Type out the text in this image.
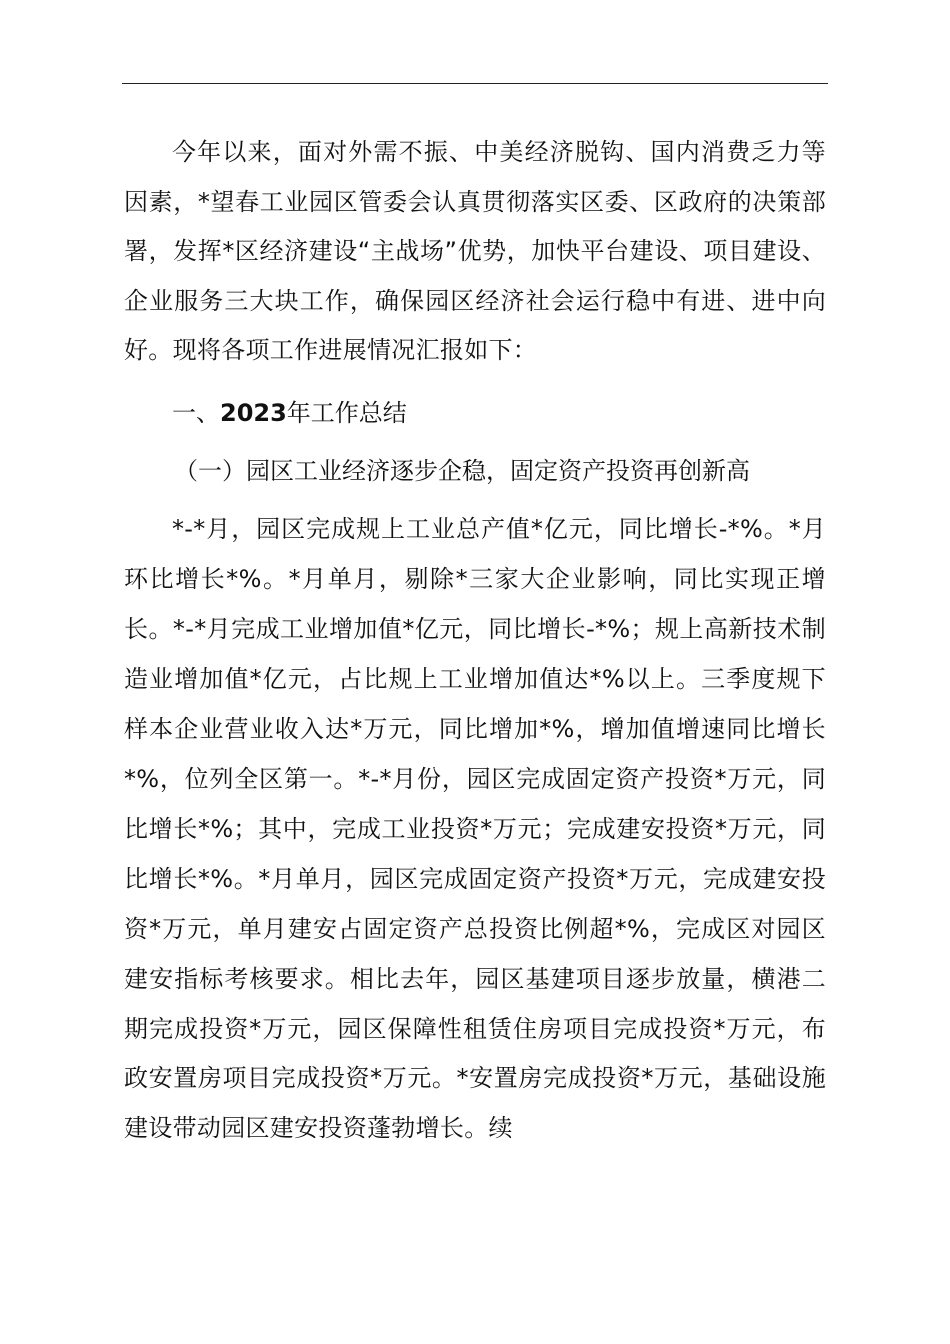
今年以来，面对外需不振、中美经济脱钩、国内消费乏力等因素，*望春工业园区管委会认真贯彻落实区委、区政府的决策部署，发挥*区经济建设“主战场”优势，加快平台建设、项目建设、企业服务三大块工作，确保园区经济社会运行稳中有进、进中向好。现将各项工作进展情况汇报如下：

一、2023年工作总结

（一）园区工业经济逐步企稳，固定资产投资再创新高

*-*月，园区完成规上工业总产值*亿元，同比增长-*%。*月环比增长*%。*月单月，剔除*三家大企业影响，同比实现正增长。*-*月完成工业增加值*亿元，同比增长-*%；规上高新技术制造业增加值*亿元，占比规上工业增加值达*%以上。三季度规下样本企业营业收入达*万元，同比增加*%，增加值增速同比增长*%，位列全区第一。*-*月份，园区完成固定资产投资*万元，同比增长*%；其中，完成工业投资*万元；完成建安投资*万元，同比增长*%。*月单月，园区完成固定资产投资*万元，完成建安投资*万元，单月建安占固定资产总投资比例超*%，完成区对园区建安指标考核要求。相比去年，园区基建项目逐步放量，横港二期完成投资*万元，园区保障性租赁住房项目完成投资*万元，布政安置房项目完成投资*万元。*安置房完成投资*万元，基础设施建设带动园区建安投资蓬勃增长。续
